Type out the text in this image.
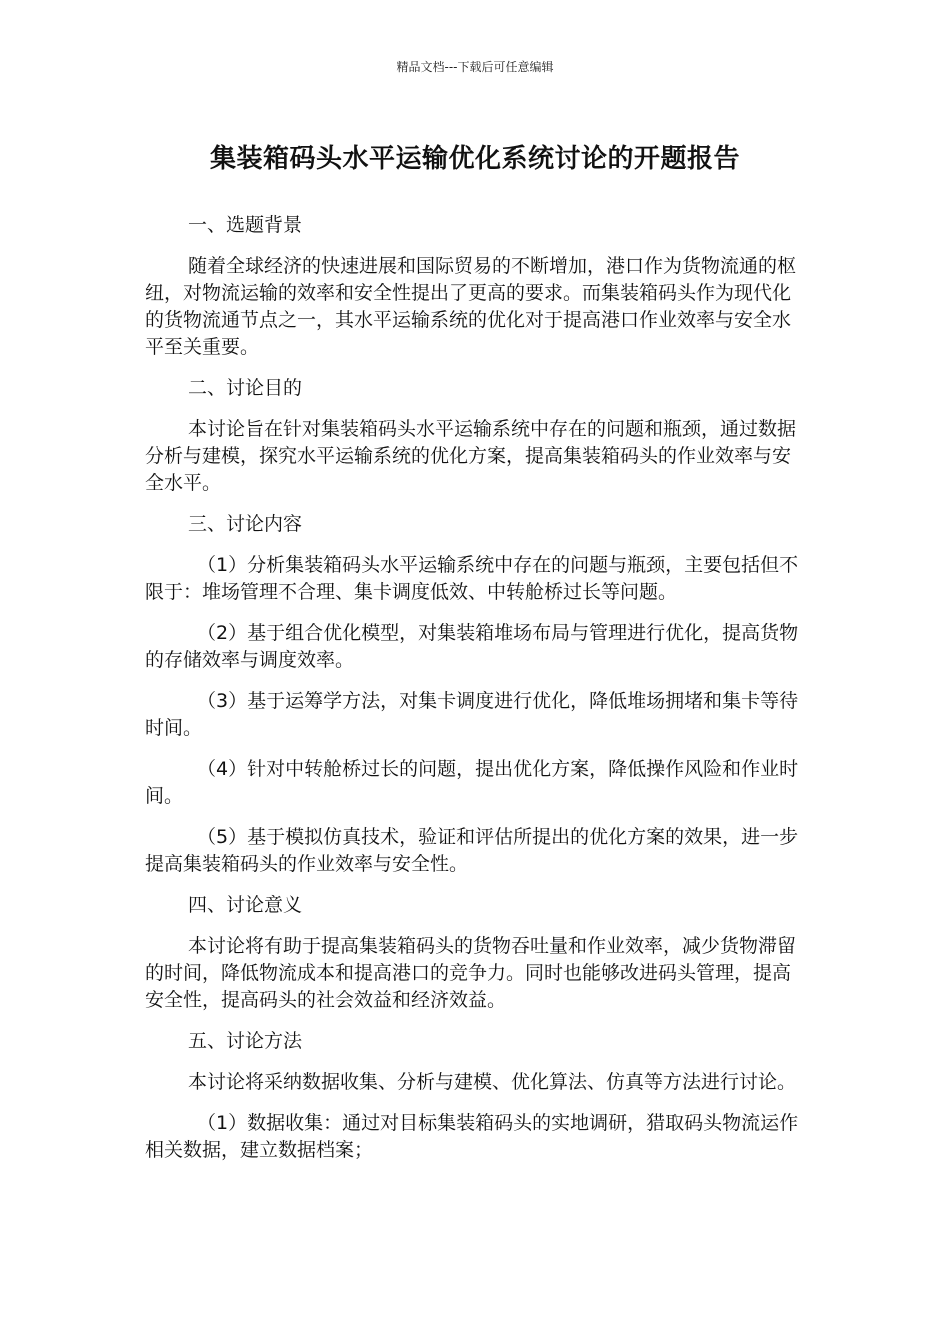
精品文档---下载后可任意编辑
集装箱码头水平运输优化系统讨论的开题报告

一、选题背景

随着全球经济的快速进展和国际贸易的不断增加，港口作为货物流通的枢纽，对物流运输的效率和安全性提出了更高的要求。而集装箱码头作为现代化的货物流通节点之一，其水平运输系统的优化对于提高港口作业效率与安全水平至关重要。

二、讨论目的

本讨论旨在针对集装箱码头水平运输系统中存在的问题和瓶颈，通过数据分析与建模，探究水平运输系统的优化方案，提高集装箱码头的作业效率与安全水平。

三、讨论内容

（1）分析集装箱码头水平运输系统中存在的问题与瓶颈，主要包括但不限于：堆场管理不合理、集卡调度低效、中转舱桥过长等问题。

（2）基于组合优化模型，对集装箱堆场布局与管理进行优化，提高货物的存储效率与调度效率。

（3）基于运筹学方法，对集卡调度进行优化，降低堆场拥堵和集卡等待时间。

（4）针对中转舱桥过长的问题，提出优化方案，降低操作风险和作业时间。

（5）基于模拟仿真技术，验证和评估所提出的优化方案的效果，进一步提高集装箱码头的作业效率与安全性。

四、讨论意义

本讨论将有助于提高集装箱码头的货物吞吐量和作业效率，减少货物滞留的时间，降低物流成本和提高港口的竞争力。同时也能够改进码头管理，提高安全性，提高码头的社会效益和经济效益。

五、讨论方法

本讨论将采纳数据收集、分析与建模、优化算法、仿真等方法进行讨论。

（1）数据收集：通过对目标集装箱码头的实地调研，猎取码头物流运作相关数据，建立数据档案；
